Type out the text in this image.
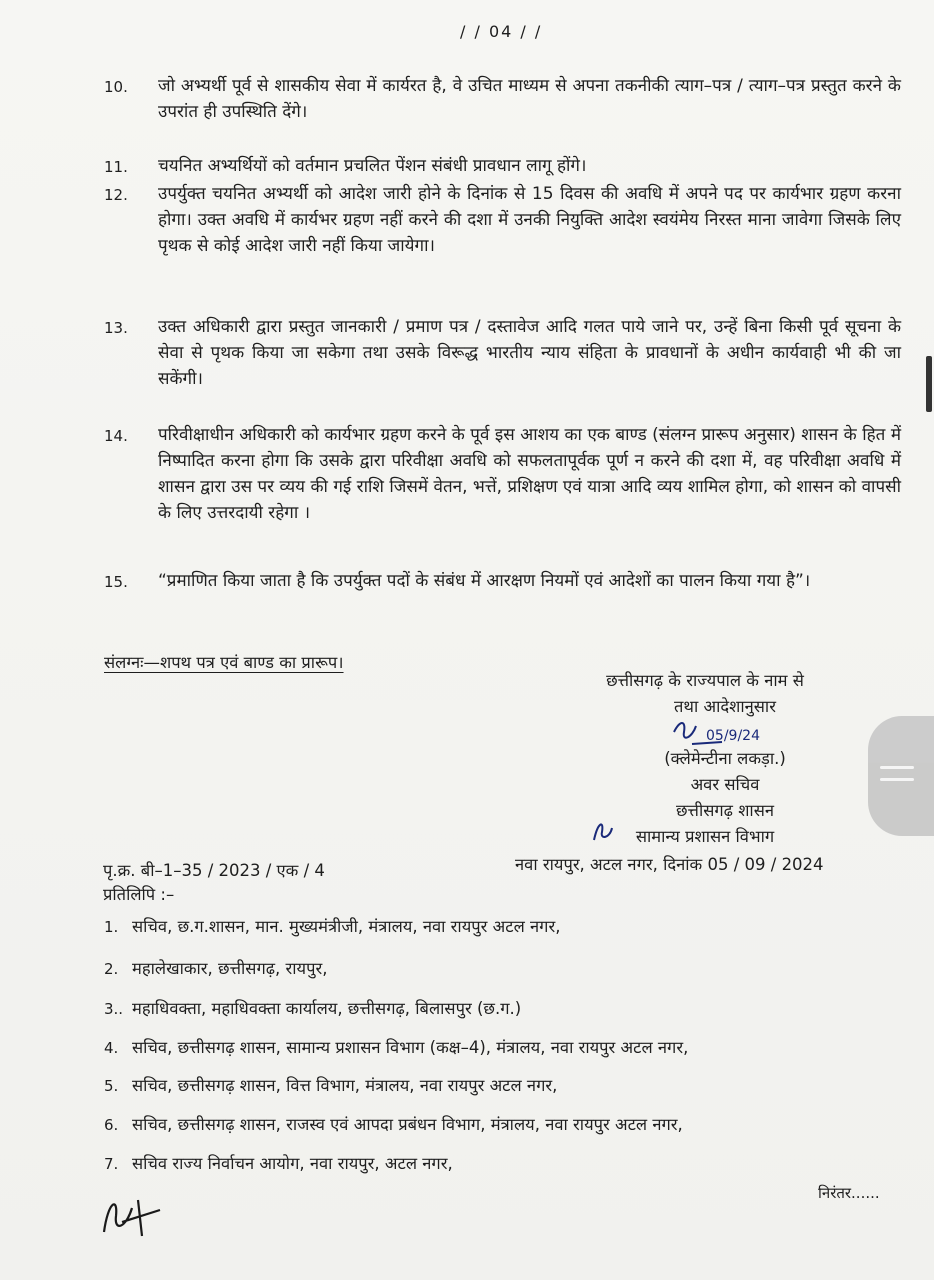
/ / 04 / /
10.	जो अभ्यर्थी पूर्व से शासकीय सेवा में कार्यरत है, वे उचित माध्यम से अपना तकनीकी त्याग–पत्र / त्याग–पत्र प्रस्तुत करने के उपरांत ही उपस्थिति देंगे।
11.	चयनित अभ्यर्थियों को वर्तमान प्रचलित पेंशन संबंधी प्रावधान लागू होंगे।
12.	उपर्युक्त चयनित अभ्यर्थी को आदेश जारी होने के दिनांक से 15 दिवस की अवधि में अपने पद पर कार्यभार ग्रहण करना होगा। उक्त अवधि में कार्यभर ग्रहण नहीं करने की दशा में उनकी नियुक्ति आदेश स्वयंमेय निरस्त माना जावेगा जिसके लिए पृथक से कोई आदेश जारी नहीं किया जायेगा।
13.	उक्त अधिकारी द्वारा प्रस्तुत जानकारी / प्रमाण पत्र / दस्तावेज आदि गलत पाये जाने पर, उन्हें बिना किसी पूर्व सूचना के सेवा से पृथक किया जा सकेगा तथा उसके विरूद्ध भारतीय न्याय संहिता के प्रावधानों के अधीन कार्यवाही भी की जा सकेंगी।
14.	परिवीक्षाधीन अधिकारी को कार्यभार ग्रहण करने के पूर्व इस आशय का एक बाण्ड (संलग्न प्रारूप अनुसार) शासन के हित में निष्पादित करना होगा कि उसके द्वारा परिवीक्षा अवधि को सफलतापूर्वक पूर्ण न करने की दशा में, वह परिवीक्षा अवधि में शासन द्वारा उस पर व्यय की गई राशि जिसमें वेतन, भत्तें, प्रशिक्षण एवं यात्रा आदि व्यय शामिल होगा, को शासन को वापसी के लिए उत्तरदायी रहेगा ।
15.	“प्रमाणित किया जाता है कि उपर्युक्त पदों के संबंध में आरक्षण नियमों एवं आदेशों का पालन किया गया है”।
संलग्नः—शपथ पत्र एवं बाण्ड का प्रारूप।
छत्तीसगढ़ के राज्यपाल के नाम से
तथा आदेशानुसार
05/9/24
(क्लेमेन्टीना लकड़ा.)
अवर सचिव
छत्तीसगढ़ शासन
सामान्य प्रशासन विभाग
पृ.क्र. बी–1–35 / 2023 / एक / 4	नवा रायपुर, अटल नगर, दिनांक 05 / 09 / 2024
प्रतिलिपि :–
1. सचिव, छ.ग.शासन, मान. मुख्यमंत्रीजी, मंत्रालय, नवा रायपुर अटल नगर,
2. महालेखाकार, छत्तीसगढ़, रायपुर,
3.. महाधिवक्ता, महाधिवक्ता कार्यालय, छत्तीसगढ़, बिलासपुर (छ.ग.)
4. सचिव, छत्तीसगढ़ शासन, सामान्य प्रशासन विभाग (कक्ष–4), मंत्रालय, नवा रायपुर अटल नगर,
5. सचिव, छत्तीसगढ़ शासन, वित्त विभाग, मंत्रालय, नवा रायपुर अटल नगर,
6. सचिव, छत्तीसगढ़ शासन, राजस्व एवं आपदा प्रबंधन विभाग, मंत्रालय, नवा रायपुर अटल नगर,
7. सचिव राज्य निर्वाचन आयोग, नवा रायपुर, अटल नगर,
निरंतर......
